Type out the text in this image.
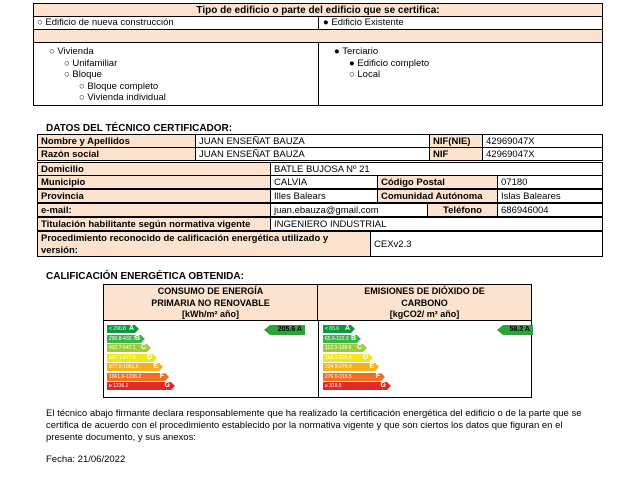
Tipo de edificio o parte del edificio que se certifica:
○ Edificio de nueva construcción	● Edificio Existente
○ Vivienda
○ Unifamiliar
○ Bloque
○ Bloque completo
○ Vivienda individual
● Terciario
● Edificio completo
○ Local
DATOS DEL TÉCNICO CERTIFICADOR:
Nombre y Apellidos	JUAN ENSEÑAT BAUZA	NIF(NIE)	42969047X
Razón social	JUAN ENSEÑAT BAUZA	NIF	42969047X
Domicilio	BATLE BUJOSA Nº 21
Municipio	CALVIA	Código Postal	07180
Provincia	Illes Balears	Comunidad Autónoma	Islas Baleares
e-mail:	juan.ebauza@gmail.com	Teléfono	686946004
Titulación habilitante según normativa vigente	INGENIERO INDUSTRIAL
Procedimiento reconocido de calificación energética utilizado y
versión:
CEXv2.3
CALIFICACIÓN ENERGÉTICA OBTENIDA:
CONSUMO DE ENERGÍA
PRIMARIA NO RENOVABLE
[kWh/m² año]
EMISIONES DE DIÓXIDO DE
CARBONO
[kgCO2/ m² año]
< 290.8 A
290.8-432.7 B
432.7-647.1 C
647.1-877.0 D
877.0-1061.6 E
1061.6-1236.2	F
≥ 1236.2	G
205.6 A	< 65.6 A
65.6-112.3 B
112.3-168.9 C
168.9-224.8 D
224.8-276.0	E
276.0-318.5	F
≥ 318.5	G
58.2 A
El técnico abajo firmante declara responsablemente que ha realizado la certificación energética del edificio o de la parte que se
certifica de acuerdo con el procedimiento establecido por la normativa vigente y que son ciertos los datos que figuran en el
presente documento, y sus anexos:
Fecha: 21/06/2022
